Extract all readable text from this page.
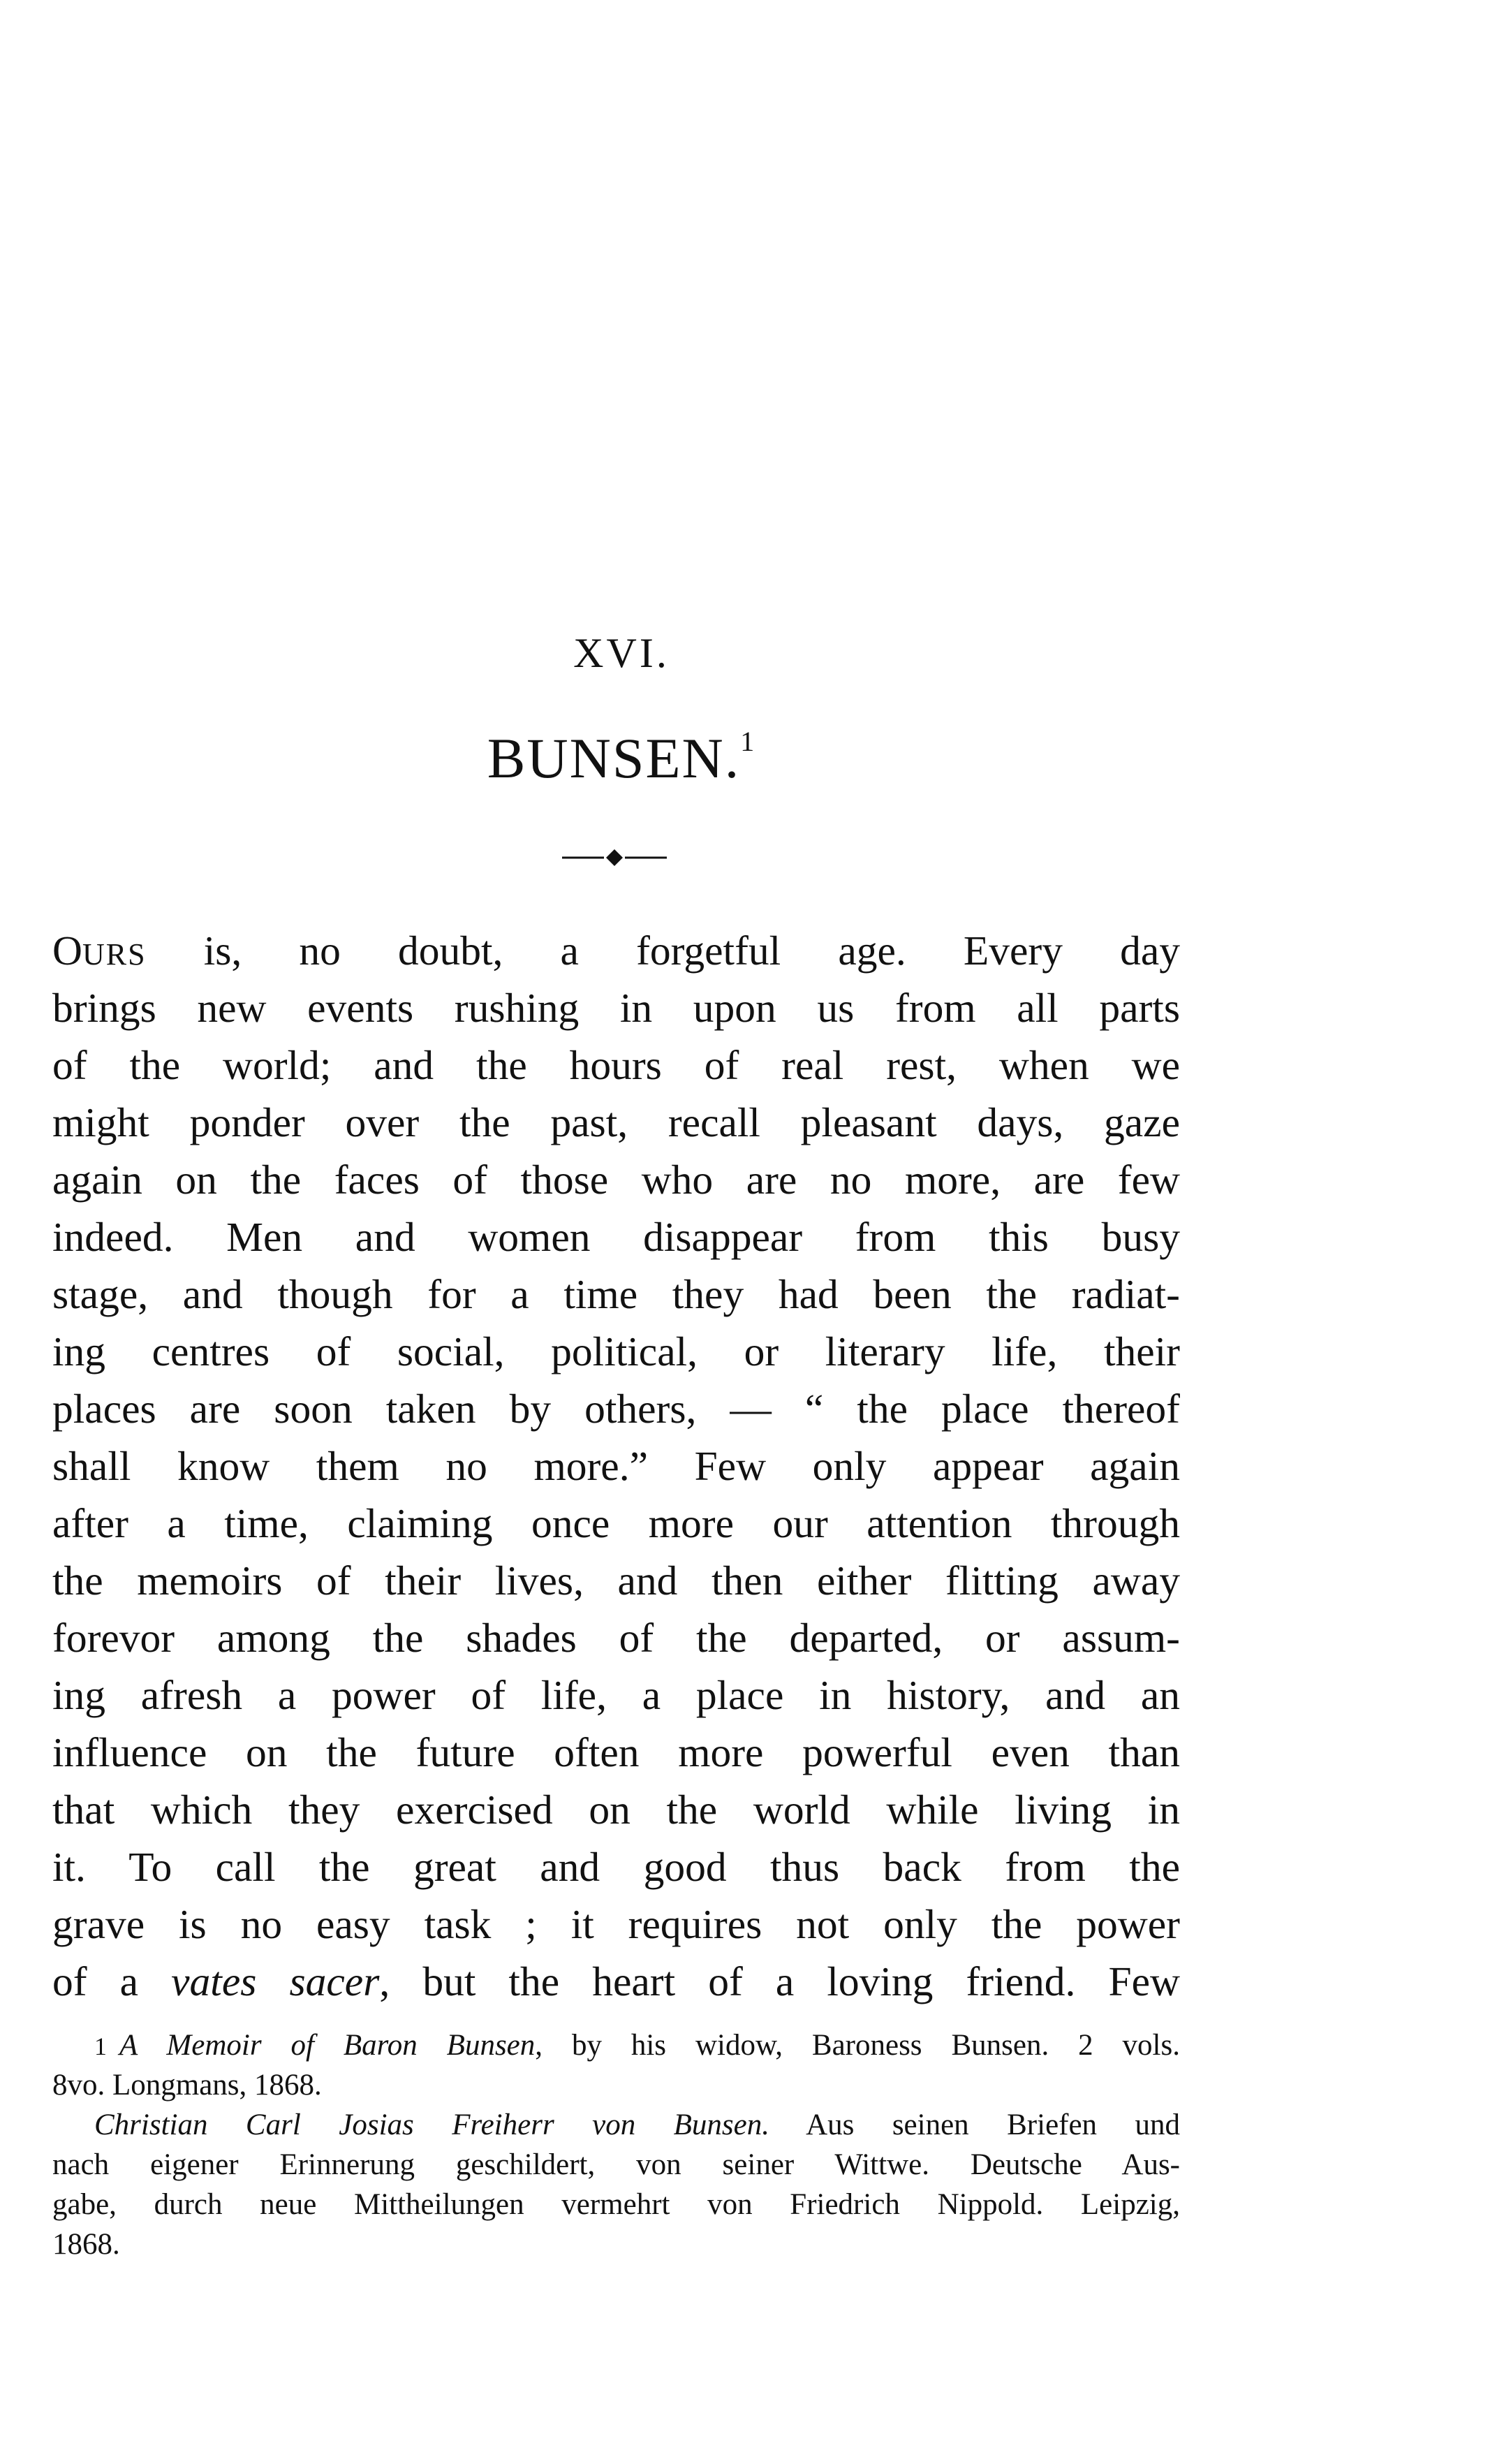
XVI.
BUNSEN.$^1$
OURS is, no doubt, a forgetful age. Every day
brings new events rushing in upon us from all parts
of the world; and the hours of real rest, when we
might ponder over the past, recall pleasant days, gaze
again on the faces of those who are no more, are few
indeed. Men and women disappear from this busy
stage, and though for a time they had been the radiat-
ing centres of social, political, or literary life, their
places are soon taken by others, — “ the place thereof
shall know them no more.” Few only appear again
after a time, claiming once more our attention through
the memoirs of their lives, and then either flitting away
forevor among the shades of the departed, or assum-
ing afresh a power of life, a place in history, and an
influence on the future often more powerful even than
that which they exercised on the world while living in
it. To call the great and good thus back from the
grave is no easy task ; it requires not only the power
of a vates sacer, but the heart of a loving friend. Few
1 A Memoir of Baron Bunsen, by his widow, Baroness Bunsen. 2 vols.
8vo. Longmans, 1868.
Christian Carl Josias Freiherr von Bunsen. Aus seinen Briefen und
nach eigener Erinnerung geschildert, von seiner Wittwe. Deutsche Aus-
gabe, durch neue Mittheilungen vermehrt von Friedrich Nippold. Leipzig,
1868.
